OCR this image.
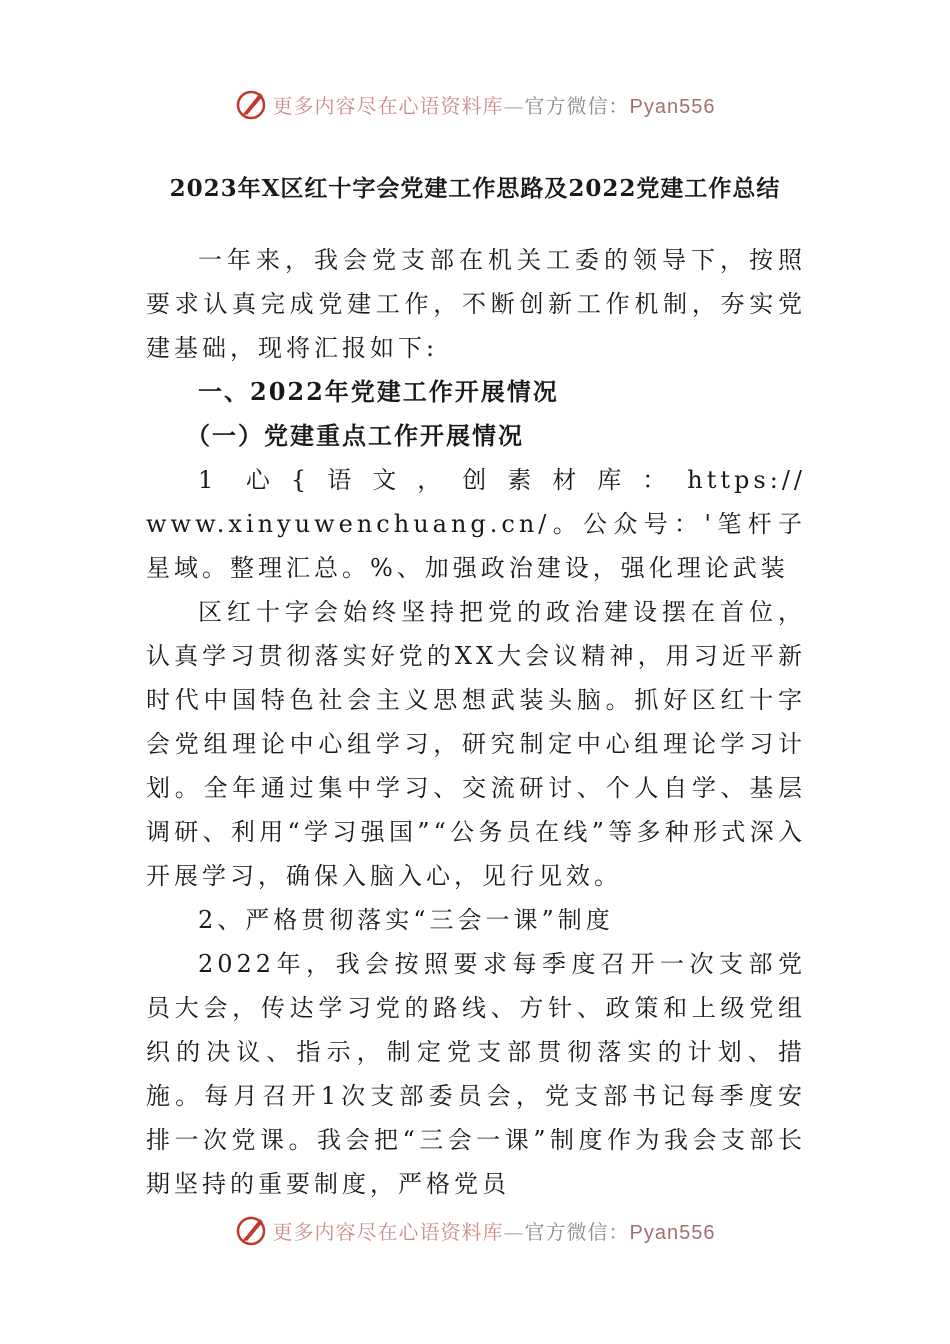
更多内容尽在心语资料库—官方微信：Pyan556
2023年X区红十字会党建工作思路及2022党建工作总结

一年来，我会党支部在机关工委的领导下，按照要求认真完成党建工作，不断创新工作机制，夯实党建基础，现将汇报如下:

一、2022年党建工作开展情况

（一）党建重点工作开展情况

1 心{语文，创素材库：https://

www.xinyuwenchuang.cn/。公众号：'笔杆子星域。整理汇总。%、加强政治建设，强化理论武装

区红十字会始终坚持把党的政治建设摆在首位，认真学习贯彻落实好党的XX大会议精神，用习近平新时代中国特色社会主义思想武装头脑。抓好区红十字会党组理论中心组学习，研究制定中心组理论学习计划。全年通过集中学习、交流研讨、个人自学、基层调研、利用“学习强国”“公务员在线”等多种形式深入开展学习，确保入脑入心，见行见效。

2、严格贯彻落实“三会一课”制度

2022年，我会按照要求每季度召开一次支部党员大会，传达学习党的路线、方针、政策和上级党组织的决议、指示，制定党支部贯彻落实的计划、措施。每月召开1次支部委员会，党支部书记每季度安排一次党课。我会把“三会一课”制度作为我会支部长期坚持的重要制度，严格党员

更多内容尽在心语资料库—官方微信：Pyan556
